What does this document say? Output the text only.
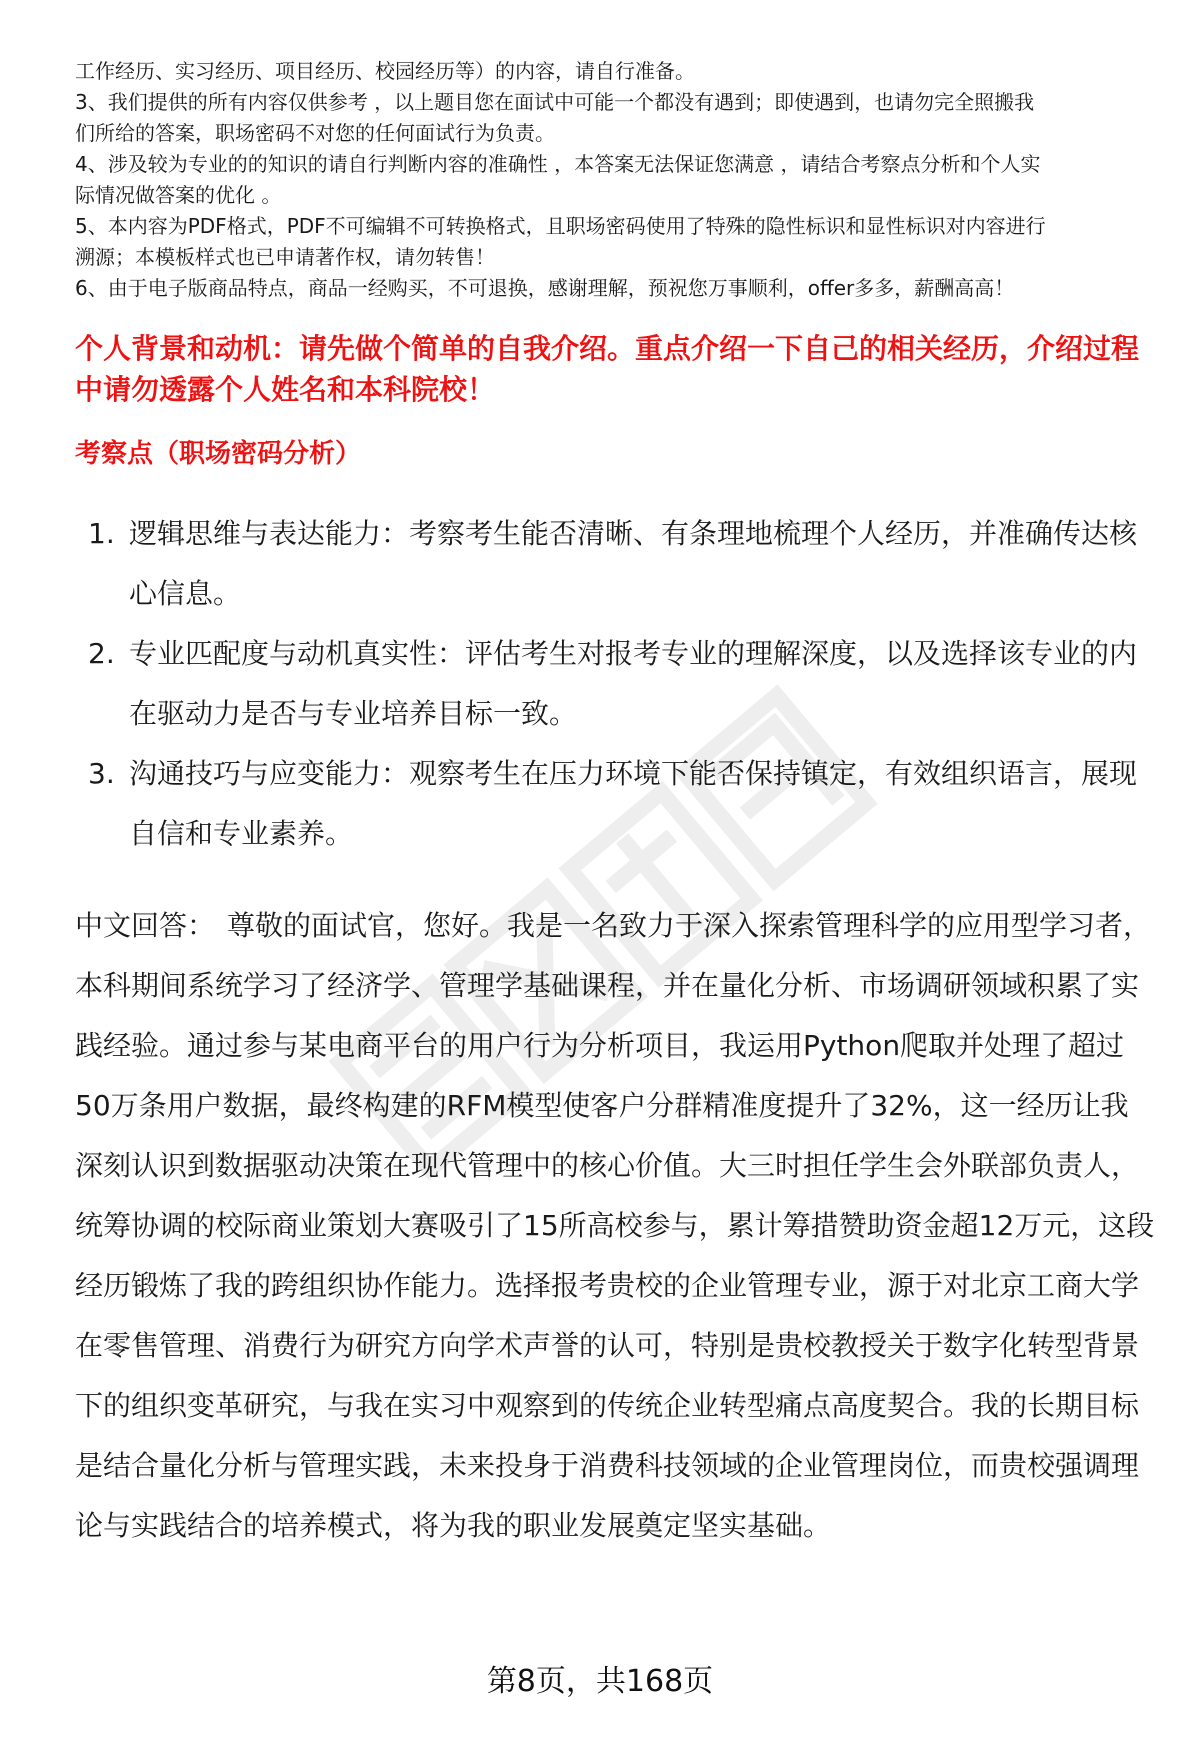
工作经历、实习经历、项目经历、校园经历等）的内容，请自行准备。

3、我们提供的所有内容仅供参考 ，以上题目您在面试中可能一个都没有遇到；即使遇到，也请勿完全照搬我

们所给的答案，职场密码不对您的任何面试行为负责。

4、涉及较为专业的的知识的请自行判断内容的准确性 ，本答案无法保证您满意 ，请结合考察点分析和个人实

际情况做答案的优化 。

5、本内容为PDF格式，PDF不可编辑不可转换格式，且职场密码使用了特殊的隐性标识和显性标识对内容进行

溯源；本模板样式也已申请著作权，请勿转售！

6、由于电子版商品特点，商品一经购买，不可退换，感谢理解，预祝您万事顺利，offer多多，薪酬高高！

个人背景和动机：请先做个简单的自我介绍。重点介绍一下自己的相关经历，介绍过程中请勿透露个人姓名和本科院校！
考察点（职场密码分析）
1. 逻辑思维与表达能力：考察考生能否清晰、有条理地梳理个人经历，并准确传达核心信息。
2. 专业匹配度与动机真实性：评估考生对报考专业的理解深度，以及选择该专业的内在驱动力是否与专业培养目标一致。
3. 沟通技巧与应变能力：观察考生在压力环境下能否保持镇定，有效组织语言，展现自信和专业素养。
中文回答： 尊敬的面试官，您好。我是一名致力于深入探索管理科学的应用型学习者，本科期间系统学习了经济学、管理学基础课程，并在量化分析、市场调研领域积累了实践经验。通过参与某电商平台的用户行为分析项目，我运用Python爬取并处理了超过50万条用户数据，最终构建的RFM模型使客户分群精准度提升了32%，这一经历让我深刻认识到数据驱动决策在现代管理中的核心价值。大三时担任学生会外联部负责人，统筹协调的校际商业策划大赛吸引了15所高校参与，累计筹措赞助资金超12万元，这段经历锻炼了我的跨组织协作能力。选择报考贵校的企业管理专业，源于对北京工商大学在零售管理、消费行为研究方向学术声誉的认可，特别是贵校教授关于数字化转型背景下的组织变革研究，与我在实习中观察到的传统企业转型痛点高度契合。我的长期目标是结合量化分析与管理实践，未来投身于消费科技领域的企业管理岗位，而贵校强调理论与实践结合的培养模式，将为我的职业发展奠定坚实基础。
第8页，共168页
